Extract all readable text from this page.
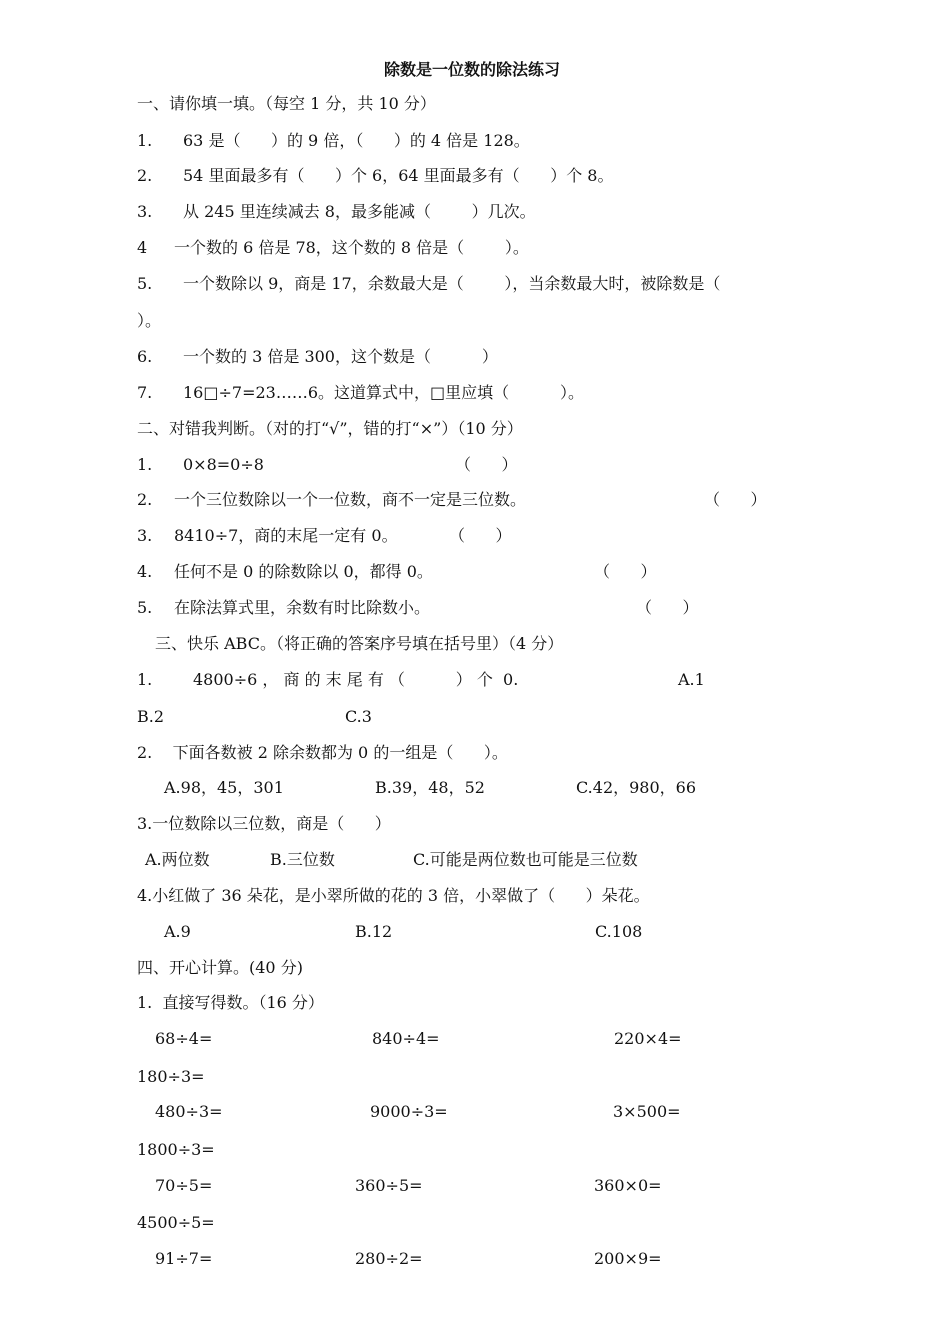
除数是一位数的除法练习
一、请你填一填。（每空 1 分，共 10 分）
1. 63 是（      ）的 9 倍，（      ）的 4 倍是 128。
2. 54 里面最多有（      ）个 6，64 里面最多有（      ）个 8。
3. 从 245 里连续减去 8，最多能减（        ）几次。
4 一个数的 6 倍是 78，这个数的 8 倍是（        ）。
5. 一个数除以 9，商是 17，余数最大是（        ），当余数最大时，被除数是（
）。
6. 一个数的 3 倍是 300，这个数是（          ）
7. 16□÷7=23……6。这道算式中，□里应填（          ）。
二、对错我判断。（对的打“√”，错的打“×”）（10 分）
1. 0×8=0÷8	（      ）
2. 一个三位数除以一个一位数，商不一定是三位数。	（      ）
3. 8410÷7，商的末尾一定有 0。	（      ）
4. 任何不是 0 的除数除以 0，都得 0。	（      ）
5. 在除法算式里，余数有时比除数小。	（      ）
三、快乐 ABC。（将正确的答案序号填在括号里）（4 分）
1.	4800÷6 ， 商 的 末 尾 有 （          ） 个  0.	A.1
B.2	C.3
2.    下面各数被 2 除余数都为 0 的一组是（      ）。
A.98，45，301	B.39，48，52	C.42，980，66
3.一位数除以三位数，商是（      ）
A.两位数	B.三位数	C.可能是两位数也可能是三位数
4.小红做了 36 朵花，是小翠所做的花的 3 倍，小翠做了（      ）朵花。
A.9	B.12	C.108
四、开心计算。(40 分)
1.  直接写得数。（16 分）
68÷4=	840÷4=	220×4=
180÷3=
480÷3=	9000÷3=	3×500=
1800÷3=
70÷5=	360÷5=	360×0=
4500÷5=
91÷7=	280÷2=	200×9=
